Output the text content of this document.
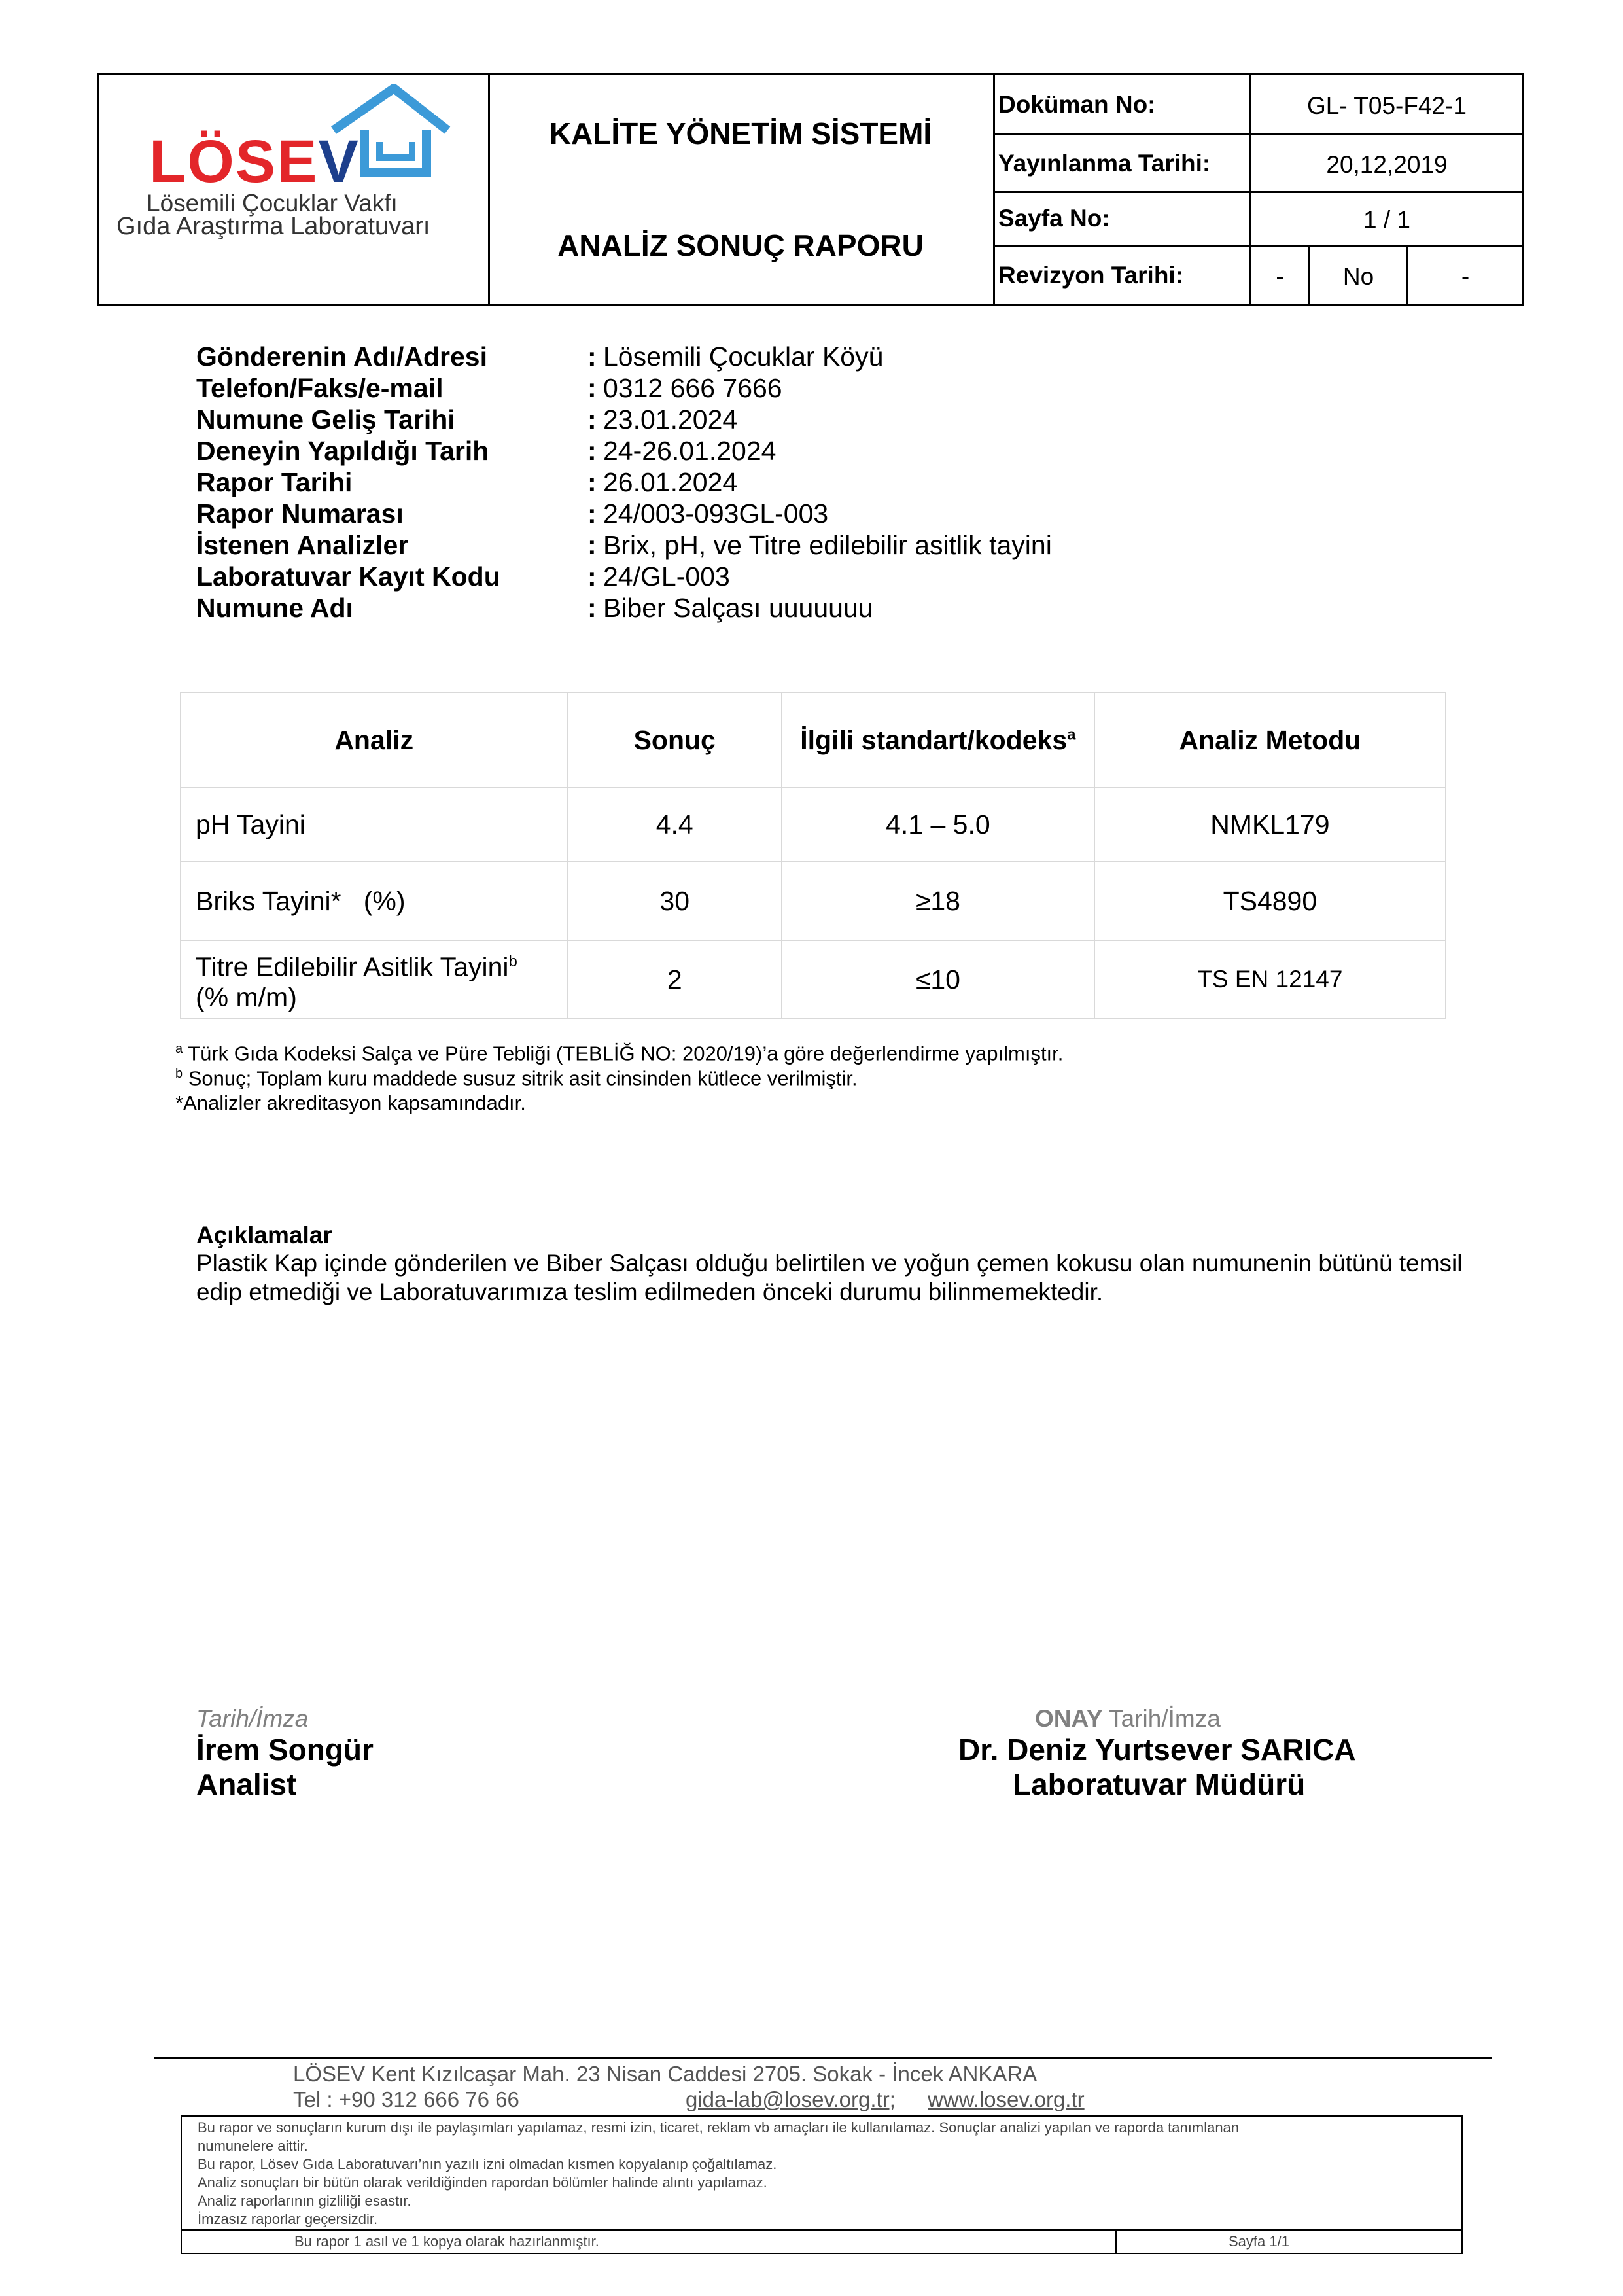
LÖSEV
Lösemili Çocuklar Vakfı
Gıda Araştırma Laboratuvarı
KALİTE YÖNETİM SİSTEMİ
ANALİZ SONUÇ RAPORU
Doküman No:	GL- T05-F42-1
Yayınlanma Tarihi:	20,12,2019
Sayfa No:	1 / 1
Revizyon Tarihi:	-	No	-
Gönderenin Adı/Adresi	: Lösemili Çocuklar Köyü
Telefon/Faks/e-mail	: 0312 666 7666
Numune Geliş Tarihi	: 23.01.2024
Deneyin Yapıldığı Tarih	: 24-26.01.2024
Rapor Tarihi	: 26.01.2024
Rapor Numarası	: 24/003-093GL-003
İstenen Analizler	: Brix, pH, ve Titre edilebilir asitlik tayini
Laboratuvar Kayıt Kodu	: 24/GL-003
Numune Adı	: Biber Salçası uuuuuuu
Analiz	Sonuç	İlgili standart/kodeks$^a$	Analiz Metodu
pH Tayini	4.4	4.1 – 5.0	NMKL179
Briks Tayini*   (%)	30	≥18	TS4890
Titre Edilebilir Asitlik Tayini$^b$
(% m/m)	2	≤10	TS EN 12147
$^a$ Türk Gıda Kodeksi Salça ve Püre Tebliği (TEBLİĞ NO: 2020/19)’a göre değerlendirme yapılmıştır.
$^b$ Sonuç; Toplam kuru maddede susuz sitrik asit cinsinden kütlece verilmiştir.
*Analizler akreditasyon kapsamındadır.
Açıklamalar
Plastik Kap içinde gönderilen ve Biber Salçası olduğu belirtilen ve yoğun çemen kokusu olan numunenin bütünü temsil edip etmediği ve Laboratuvarımıza teslim edilmeden önceki durumu bilinmemektedir.
Tarih/İmza
İrem Songür
Analist
ONAY Tarih/İmza
Dr. Deniz Yurtsever SARICA
Laboratuvar Müdürü
LÖSEV Kent Kızılcaşar Mah. 23 Nisan Caddesi 2705. Sokak - İncek ANKARA
Tel : +90 312 666 76 66	gida-lab@losev.org.tr; www.losev.org.tr
Bu rapor ve sonuçların kurum dışı ile paylaşımları yapılamaz, resmi izin, ticaret, reklam vb amaçları ile kullanılamaz. Sonuçlar analizi yapılan ve raporda tanımlanan
numunelere aittir.
Bu rapor, Lösev Gıda Laboratuvarı’nın yazılı izni olmadan kısmen kopyalanıp çoğaltılamaz.
Analiz sonuçları bir bütün olarak verildiğinden rapordan bölümler halinde alıntı yapılamaz.
Analiz raporlarının gizliliği esastır.
İmzasız raporlar geçersizdir.
Bu rapor 1 asıl ve 1 kopya olarak hazırlanmıştır.	Sayfa 1/1
